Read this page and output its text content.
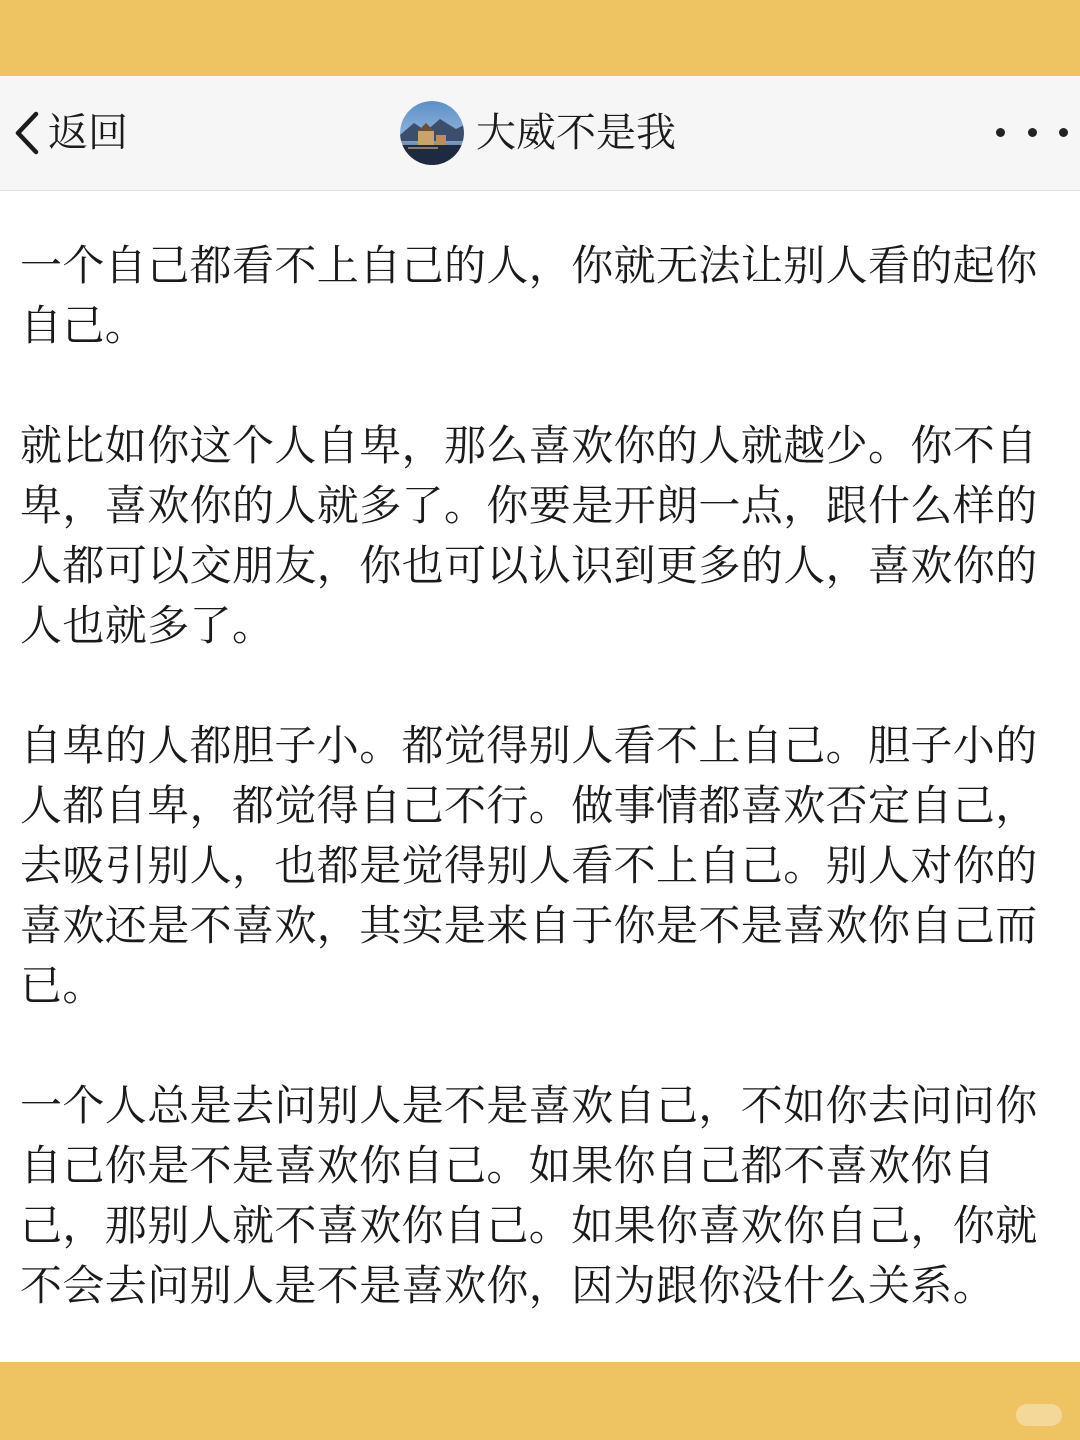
返回	大威不是我

一个自己都看不上自己的人，你就无法让别人看的起你自己。

就比如你这个人自卑，那么喜欢你的人就越少。你不自卑，喜欢你的人就多了。你要是开朗一点，跟什么样的人都可以交朋友，你也可以认识到更多的人，喜欢你的人也就多了。

自卑的人都胆子小。都觉得别人看不上自己。胆子小的人都自卑，都觉得自己不行。做事情都喜欢否定自己，去吸引别人，也都是觉得别人看不上自己。别人对你的喜欢还是不喜欢，其实是来自于你是不是喜欢你自己而已。

一个人总是去问别人是不是喜欢自己，不如你去问问你自己你是不是喜欢你自己。如果你自己都不喜欢你自己，那别人就不喜欢你自己。如果你喜欢你自己，你就不会去问别人是不是喜欢你，因为跟你没什么关系。
